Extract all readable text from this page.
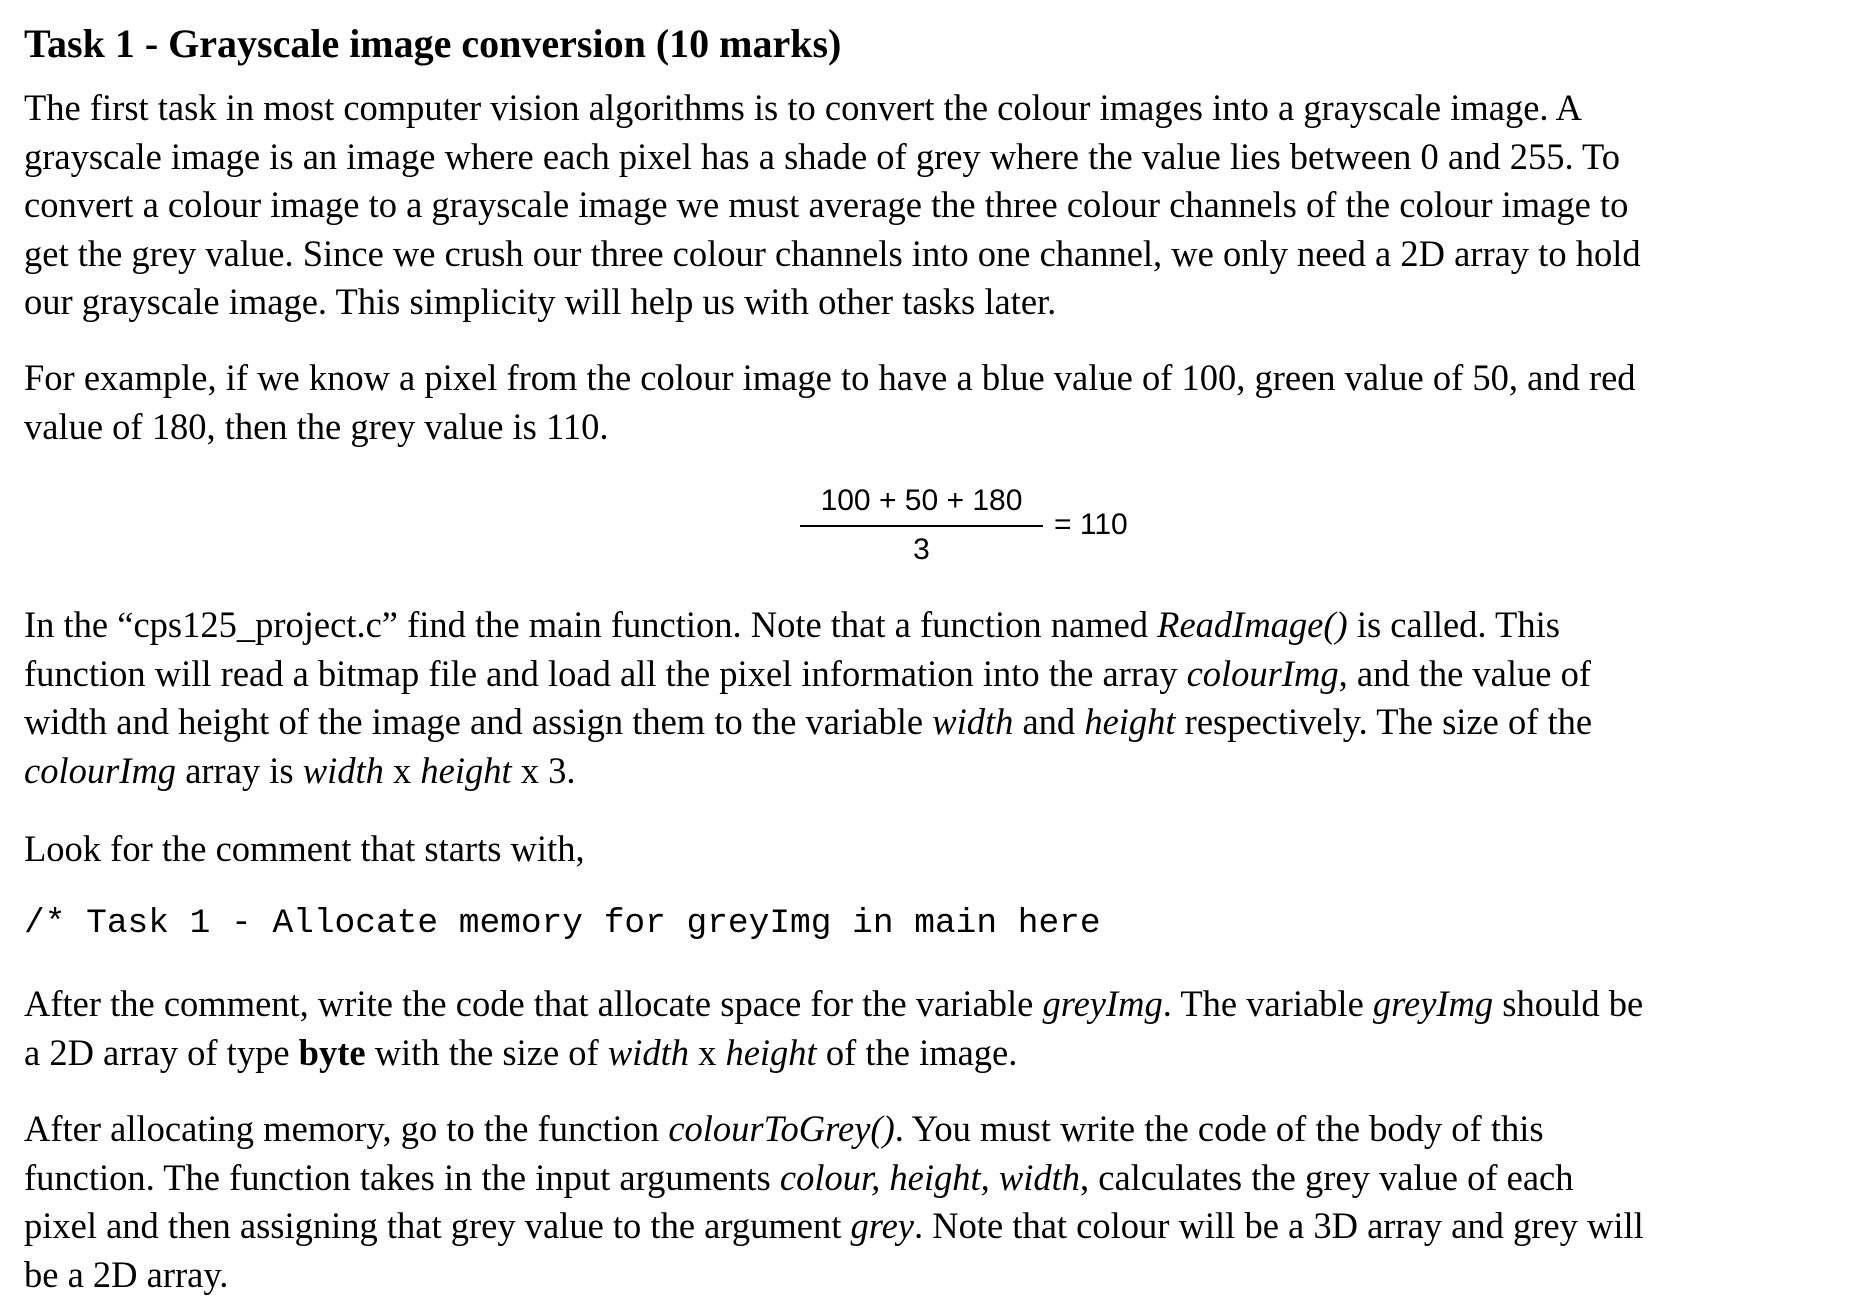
Task 1 - Grayscale image conversion (10 marks)

The first task in most computer vision algorithms is to convert the colour images into a grayscale image. A
grayscale image is an image where each pixel has a shade of grey where the value lies between 0 and 255. To
convert a colour image to a grayscale image we must average the three colour channels of the colour image to
get the grey value. Since we crush our three colour channels into one channel, we only need a 2D array to hold
our grayscale image. This simplicity will help us with other tasks later.

For example, if we know a pixel from the colour image to have a blue value of 100, green value of 50, and red
value of 180, then the grey value is 110.

100 + 50 + 180
3
= 110

In the “cps125_project.c” find the main function. Note that a function named ReadImage() is called. This
function will read a bitmap file and load all the pixel information into the array colourImg, and the value of
width and height of the image and assign them to the variable width and height respectively. The size of the
colourImg array is width x height x 3.

Look for the comment that starts with,

/* Task 1 - Allocate memory for greyImg in main here

After the comment, write the code that allocate space for the variable greyImg. The variable greyImg should be
a 2D array of type byte with the size of width x height of the image.

After allocating memory, go to the function colourToGrey(). You must write the code of the body of this
function. The function takes in the input arguments colour, height, width, calculates the grey value of each
pixel and then assigning that grey value to the argument grey. Note that colour will be a 3D array and grey will
be a 2D array.
